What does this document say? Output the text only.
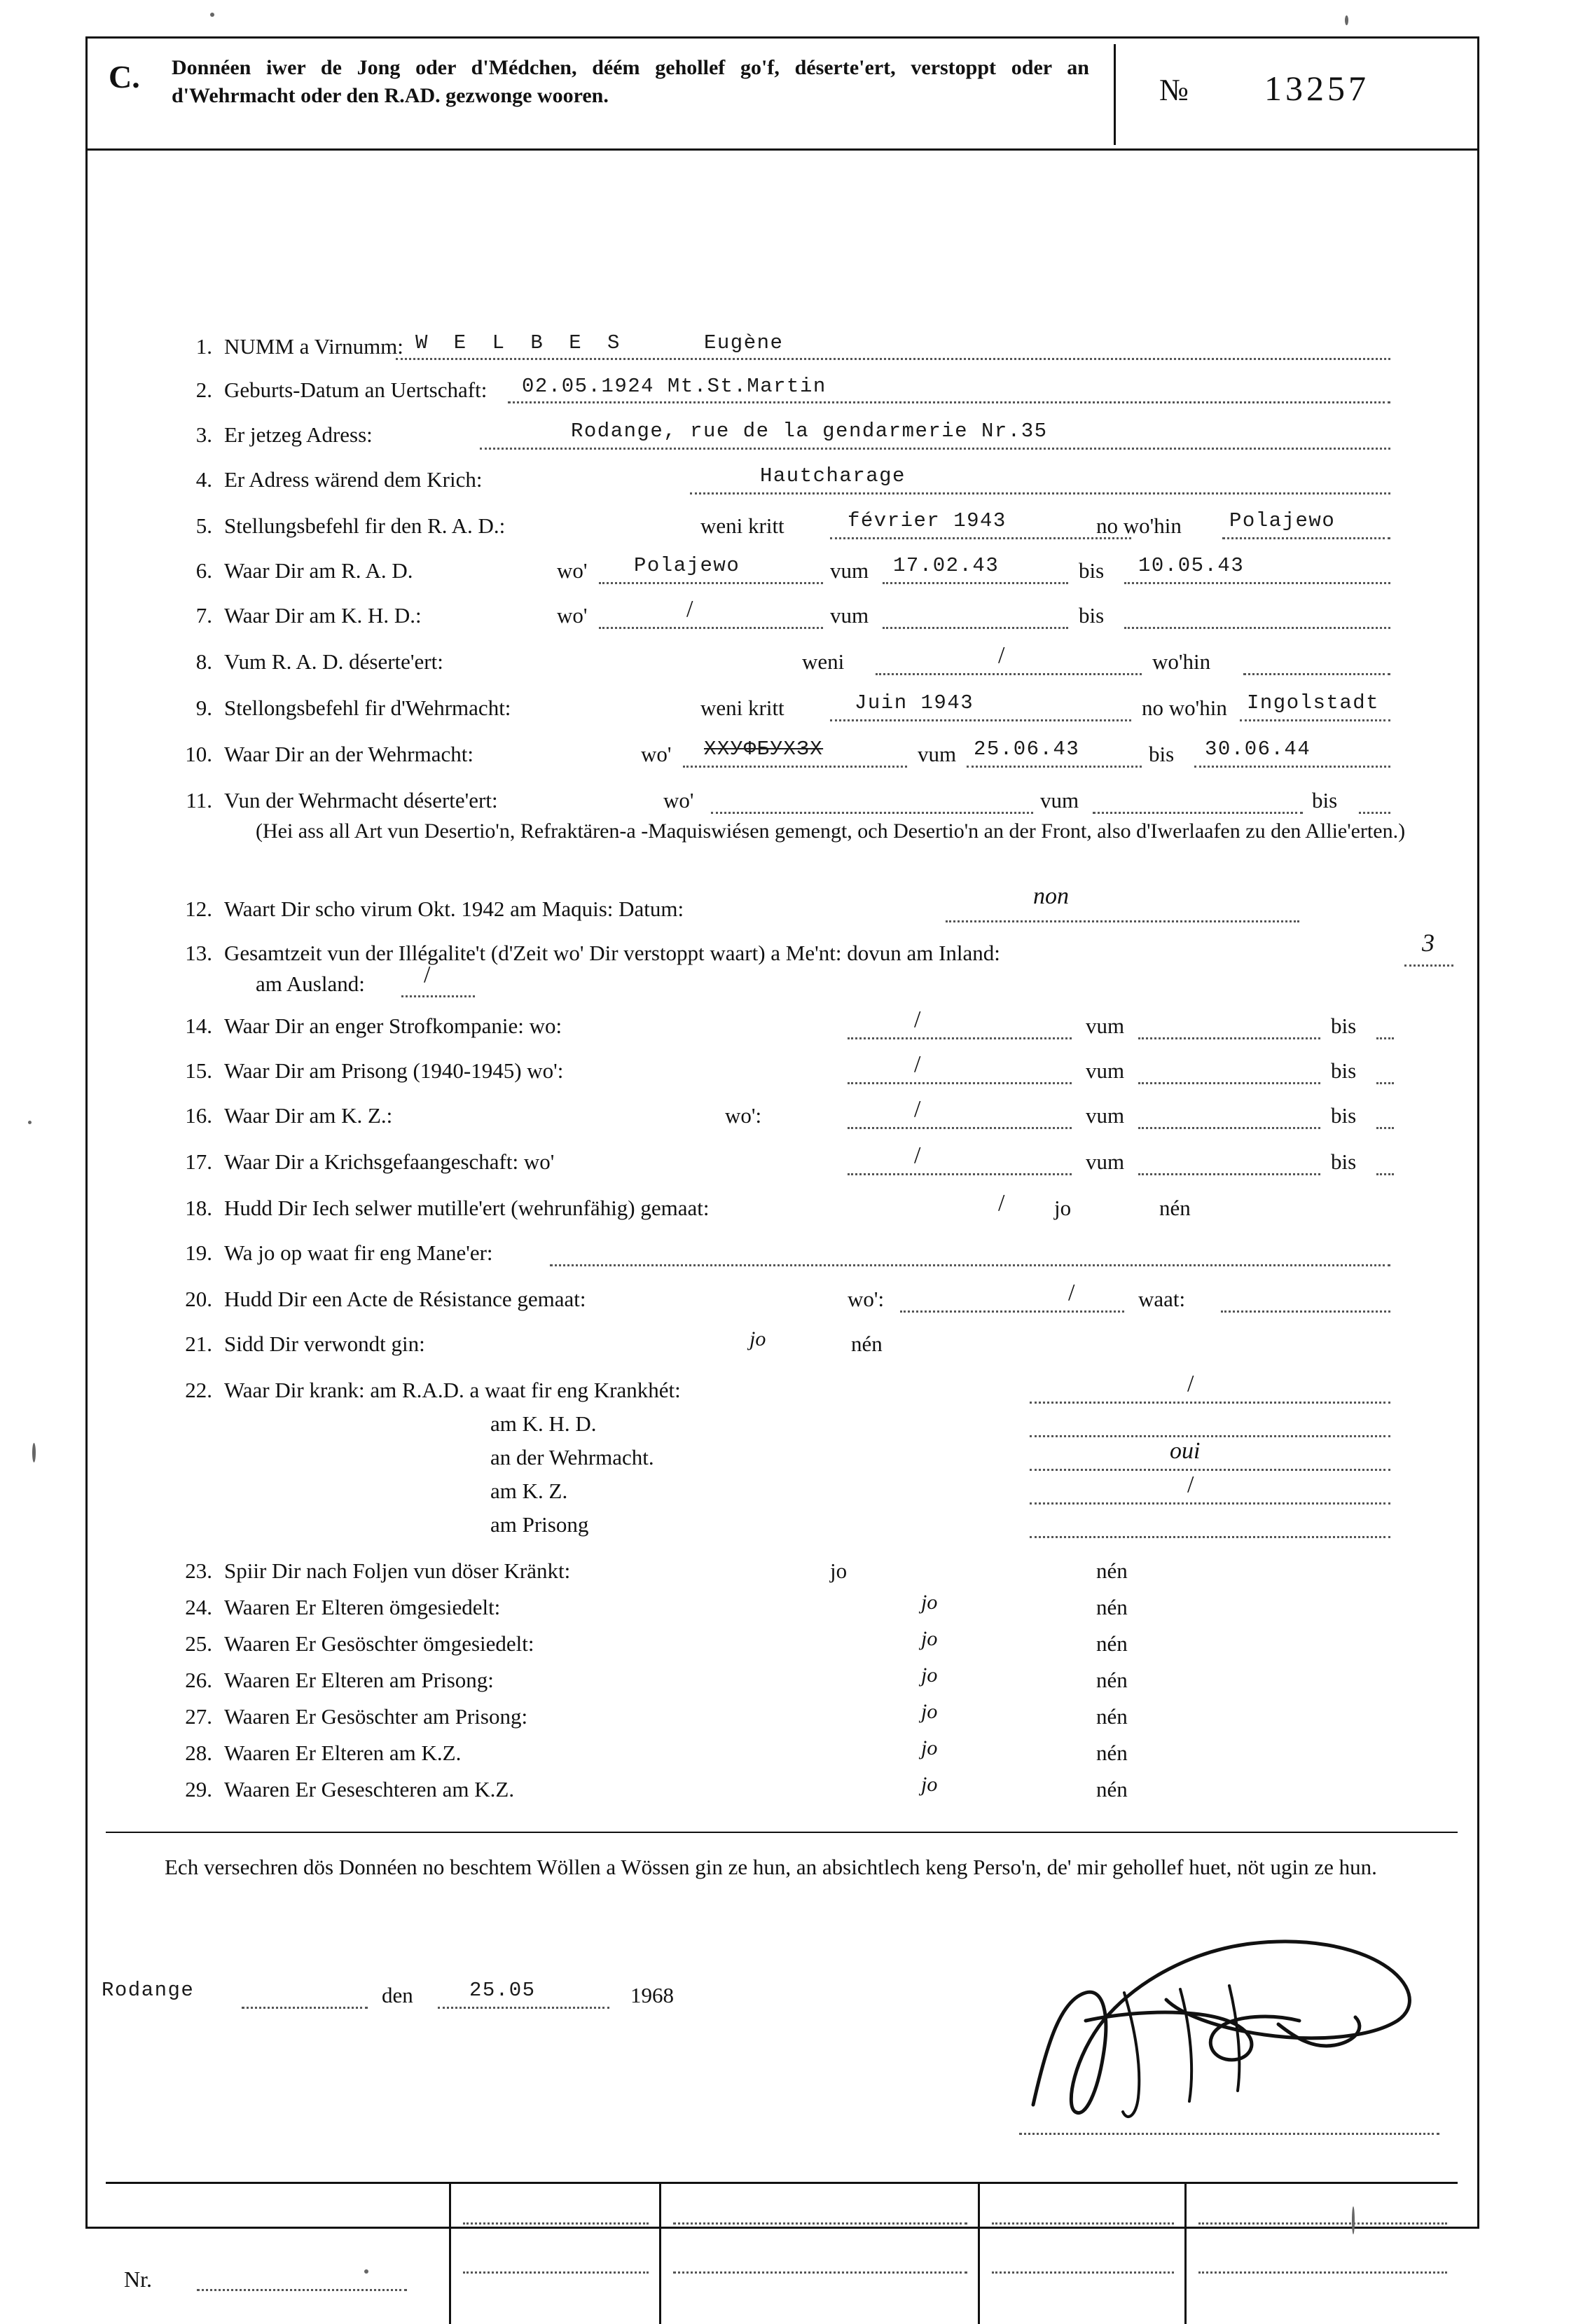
C. Donnéen iwer de Jong oder d'Médchen, déém gehollef go'f, déserte'ert, verstoppt oder an d'Wehrmacht oder den R.AD. gezwonge wooren.	№ 13257
1. NUMM a Virnumm: W E L B E S	Eugène
2. Geburts-Datum an Uertschaft: 02.05.1924 Mt.St.Martin
3. Er jetzeg Adress:	Rodange, rue de la gendarmerie Nr.35
4. Er Adress wärend dem Krich:	Hautcharage
5. Stellungsbefehl fir den R. A. D.:	weni kritt	février 1943	no wo'hin Polajewo
6. Waar Dir am R. A. D.	wo' Polajewo	vum 17.02.43	bis 10.05.43
7. Waar Dir am K. H. D.:	wo'	/	vum	bis
8. Vum R. A. D. déserte'ert:	weni	/	wo'hin
9. Stellongsbefehl fir d'Wehrmacht:	weni kritt	Juin 1943	no wo'hin Ingolstadt
10. Waar Dir an der Wehrmacht:	wo' ХХУФБУХЗХ	vum 25.06.43	bis 30.06.44
11. Vun der Wehrmacht déserte'ert:	wo'	vum	bis
(Hei ass all Art vun Desertio'n, Refraktären-a -Maquiswiésen gemengt, och Desertio'n an der Front, also d'Iwerlaafen zu den Allie'erten.)
12. Waart Dir scho virum Okt. 1942 am Maquis: Datum:	non
13. Gesamtzeit vun der Illégalite't (d'Zeit wo' Dir verstoppt waart) a Me'nt: dovun am Inland:	3
am Ausland: /
14. Waar Dir an enger Strofkompanie: wo:	/	vum	bis
15. Waar Dir am Prisong (1940-1945) wo':	/	vum	bis
16. Waar Dir am K. Z.:	wo':	/	vum	bis
17. Waar Dir a Krichsgefaangeschaft: wo'	/	vum	bis
18. Hudd Dir Iech selwer mutille'ert (wehrunfähig) gemaat:	/ jo	nén
19. Wa jo op waat fir eng Mane'er:
20. Hudd Dir een Acte de Résistance gemaat:	wo':	/	waat:
21. Sidd Dir verwondt gin:	jo	nén
22. Waar Dir krank: am R.A.D. a waat fir eng Krankhét:	/
am K. H. D.
an der Wehrmacht.	oui
am K. Z.	/
am Prisong
23. Spiir Dir nach Foljen vun döser Kränkt:	jo	nén
24. Waaren Er Elteren ömgesiedelt:	jo	nén
25. Waaren Er Gesöschter ömgesiedelt:	jo	nén
26. Waaren Er Elteren am Prisong:	jo	nén
27. Waaren Er Gesöschter am Prisong:	jo	nén
28. Waaren Er Elteren am K.Z.	jo	nén
29. Waaren Er Geseschteren am K.Z.	jo	nén
Ech versechren dös Donnéen no beschtem Wöllen a Wössen gin ze hun, an absichtlech keng Perso'n, de' mir gehollef huet, nöt ugin ze hun.
Rodange	den	25.05	1968
Nr.
